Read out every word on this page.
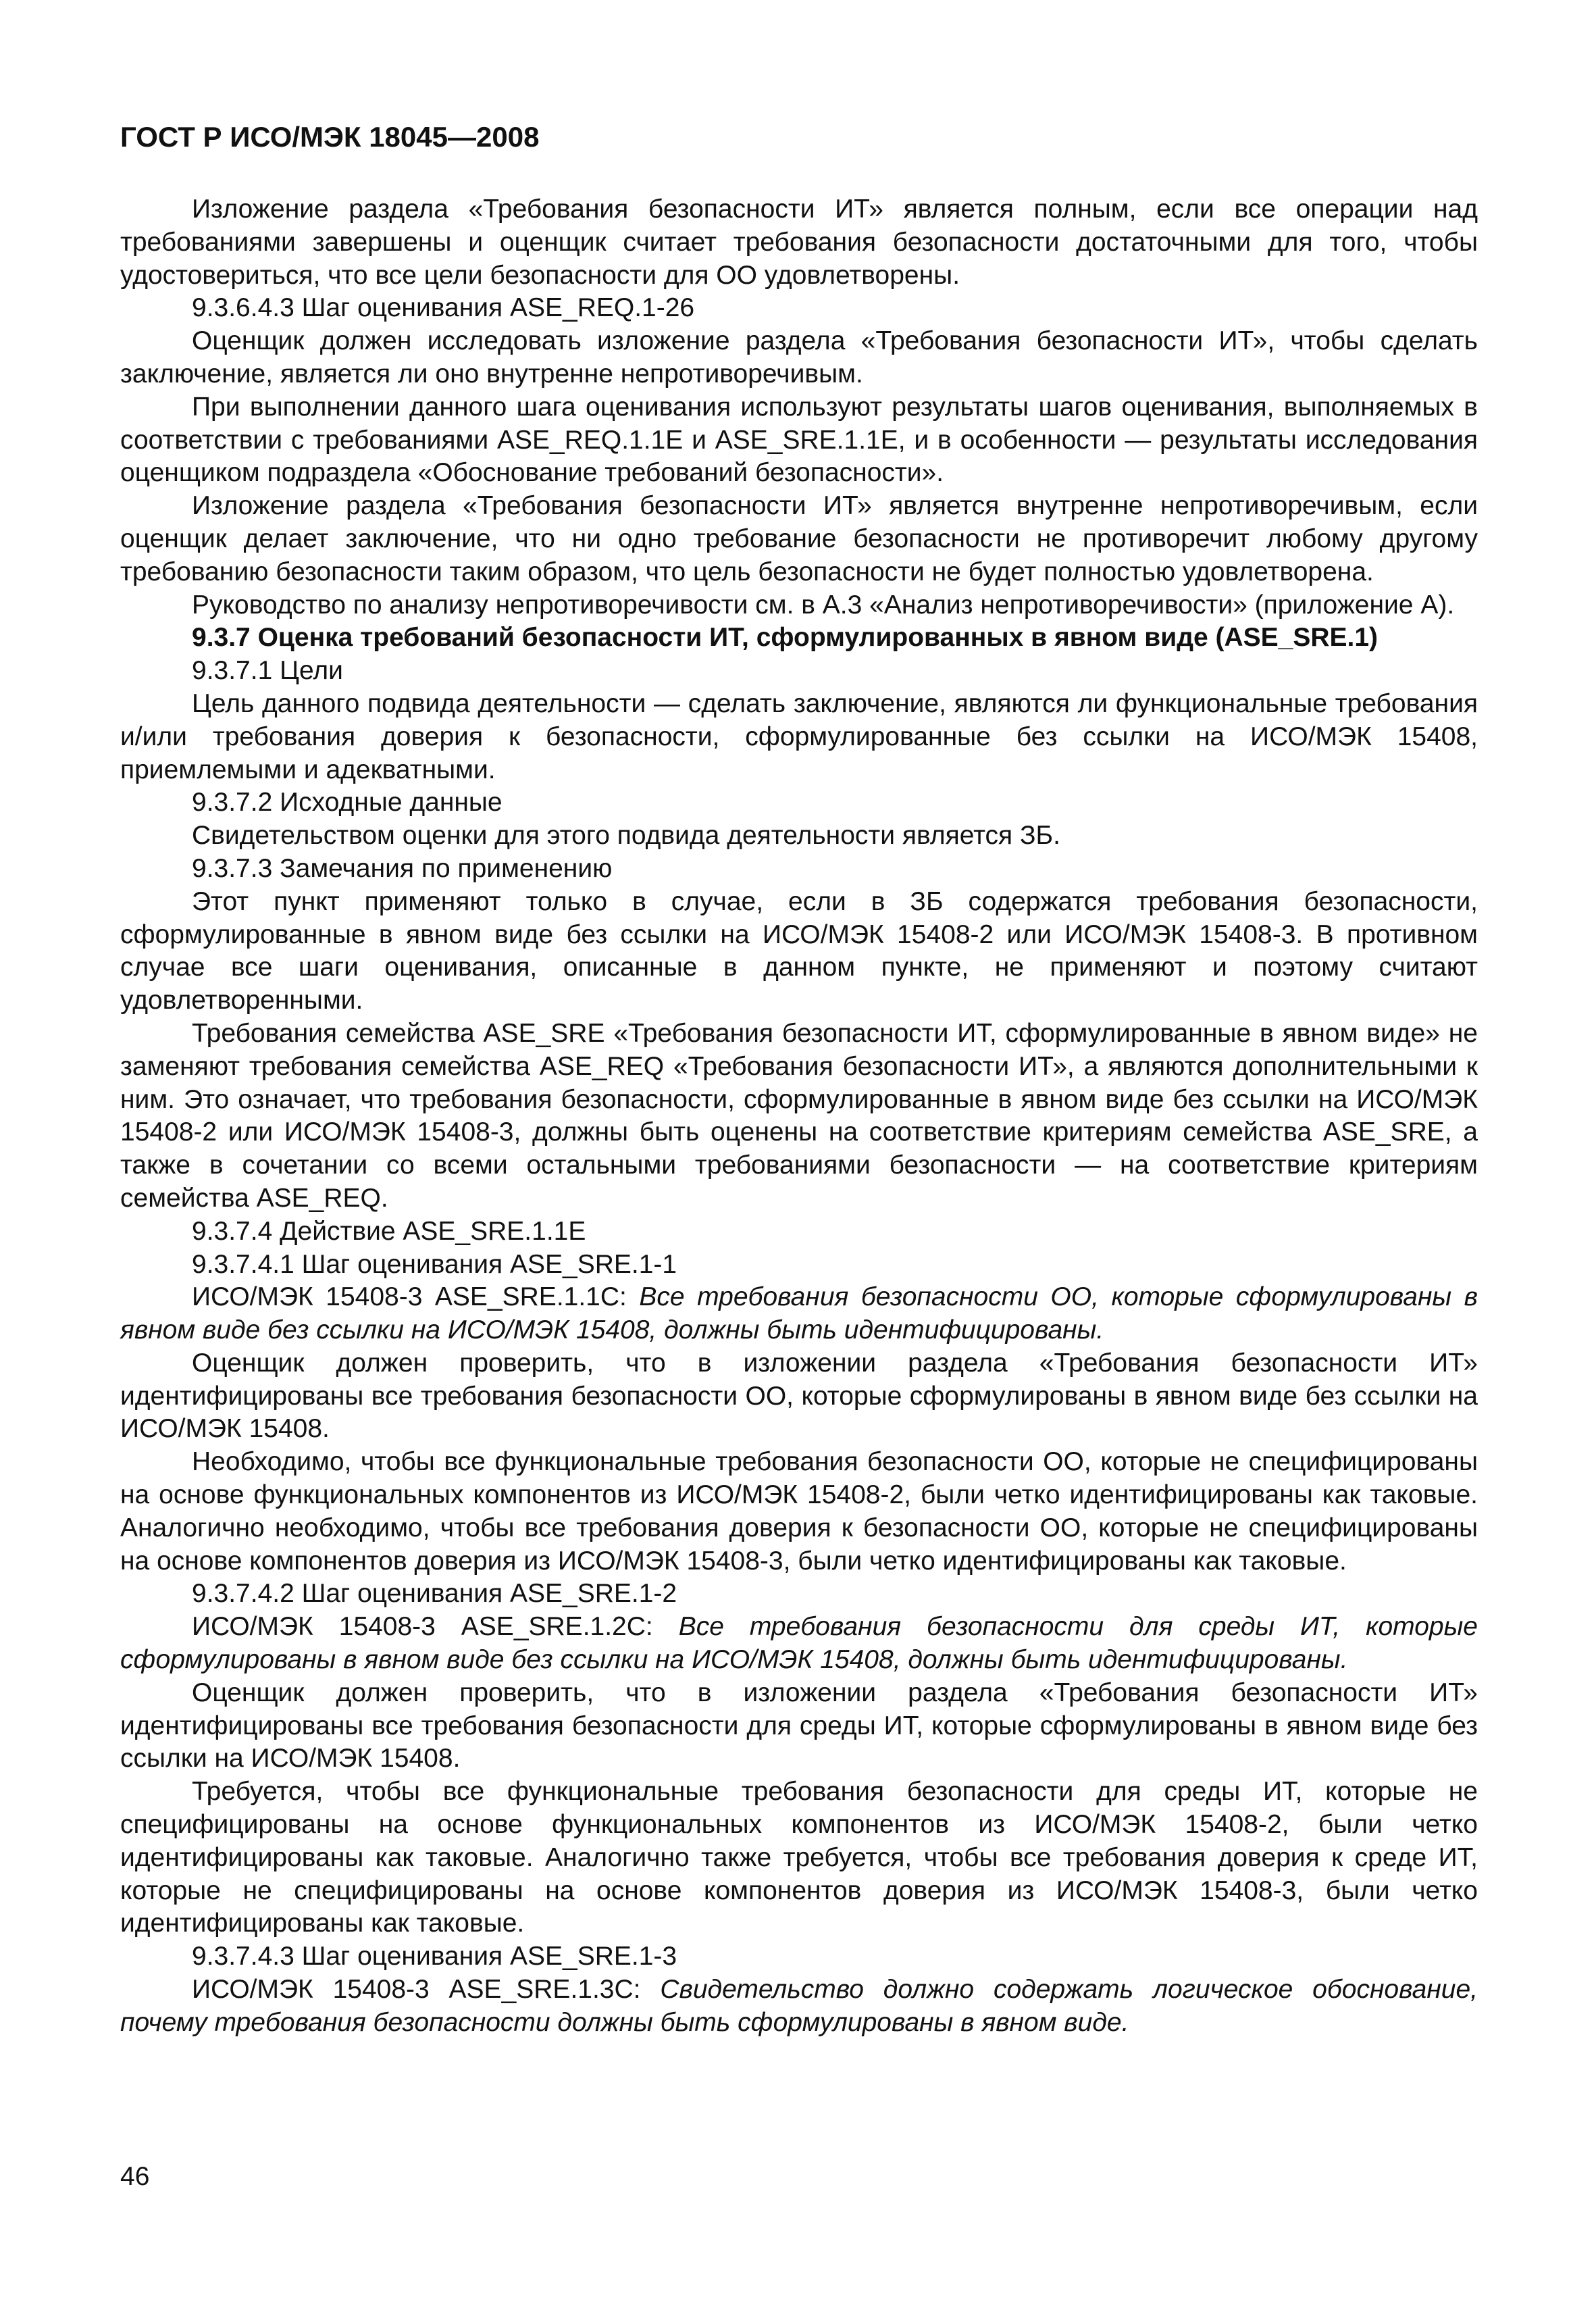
ГОСТ Р ИСО/МЭК 18045—2008

Изложение раздела «Требования безопасности ИТ» является полным, если все операции над требованиями завершены и оценщик считает требования безопасности достаточными для того, чтобы удостовериться, что все цели безопасности для ОО удовлетворены.

9.3.6.4.3 Шаг оценивания ASE_REQ.1-26

Оценщик должен исследовать изложение раздела «Требования безопасности ИТ», чтобы сделать заключение, является ли оно внутренне непротиворечивым.

При выполнении данного шага оценивания используют результаты шагов оценивания, выполняемых в соответствии с требованиями ASE_REQ.1.1E и ASE_SRE.1.1E, и в особенности — результаты исследования оценщиком подраздела «Обоснование требований безопасности».

Изложение раздела «Требования безопасности ИТ» является внутренне непротиворечивым, если оценщик делает заключение, что ни одно требование безопасности не противоречит любому другому требованию безопасности таким образом, что цель безопасности не будет полностью удовлетворена.

Руководство по анализу непротиворечивости см. в А.3 «Анализ непротиворечивости» (приложение А).

9.3.7 Оценка требований безопасности ИТ, сформулированных в явном виде (ASE_SRE.1)

9.3.7.1 Цели

Цель данного подвида деятельности — сделать заключение, являются ли функциональные требования и/или требования доверия к безопасности, сформулированные без ссылки на ИСО/МЭК 15408, приемлемыми и адекватными.

9.3.7.2 Исходные данные

Свидетельством оценки для этого подвида деятельности является ЗБ.

9.3.7.3 Замечания по применению

Этот пункт применяют только в случае, если в ЗБ содержатся требования безопасности, сформулированные в явном виде без ссылки на ИСО/МЭК 15408-2 или ИСО/МЭК 15408-3. В противном случае все шаги оценивания, описанные в данном пункте, не применяют и поэтому считают удовлетворенными.

Требования семейства ASE_SRE «Требования безопасности ИТ, сформулированные в явном виде» не заменяют требования семейства ASE_REQ «Требования безопасности ИТ», а являются дополнительными к ним. Это означает, что требования безопасности, сформулированные в явном виде без ссылки на ИСО/МЭК 15408-2 или ИСО/МЭК 15408-3, должны быть оценены на соответствие критериям семейства ASE_SRE, а также в сочетании со всеми остальными требованиями безопасности — на соответствие критериям семейства ASE_REQ.

9.3.7.4 Действие ASE_SRE.1.1E

9.3.7.4.1 Шаг оценивания ASE_SRE.1-1

ИСО/МЭК 15408-3 ASE_SRE.1.1C: Все требования безопасности ОО, которые сформулированы в явном виде без ссылки на ИСО/МЭК 15408, должны быть идентифицированы.

Оценщик должен проверить, что в изложении раздела «Требования безопасности ИТ» идентифицированы все требования безопасности ОО, которые сформулированы в явном виде без ссылки на ИСО/МЭК 15408.

Необходимо, чтобы все функциональные требования безопасности ОО, которые не специфицированы на основе функциональных компонентов из ИСО/МЭК 15408-2, были четко идентифицированы как таковые. Аналогично необходимо, чтобы все требования доверия к безопасности ОО, которые не специфицированы на основе компонентов доверия из ИСО/МЭК 15408-3, были четко идентифицированы как таковые.

9.3.7.4.2 Шаг оценивания ASE_SRE.1-2

ИСО/МЭК 15408-3 ASE_SRE.1.2C: Все требования безопасности для среды ИТ, которые сформулированы в явном виде без ссылки на ИСО/МЭК 15408, должны быть идентифицированы.

Оценщик должен проверить, что в изложении раздела «Требования безопасности ИТ» идентифицированы все требования безопасности для среды ИТ, которые сформулированы в явном виде без ссылки на ИСО/МЭК 15408.

Требуется, чтобы все функциональные требования безопасности для среды ИТ, которые не специфицированы на основе функциональных компонентов из ИСО/МЭК 15408-2, были четко идентифицированы как таковые. Аналогично также требуется, чтобы все требования доверия к среде ИТ, которые не специфицированы на основе компонентов доверия из ИСО/МЭК 15408-3, были четко идентифицированы как таковые.

9.3.7.4.3 Шаг оценивания ASE_SRE.1-3

ИСО/МЭК 15408-3 ASE_SRE.1.3C: Свидетельство должно содержать логическое обоснование, почему требования безопасности должны быть сформулированы в явном виде.

46
